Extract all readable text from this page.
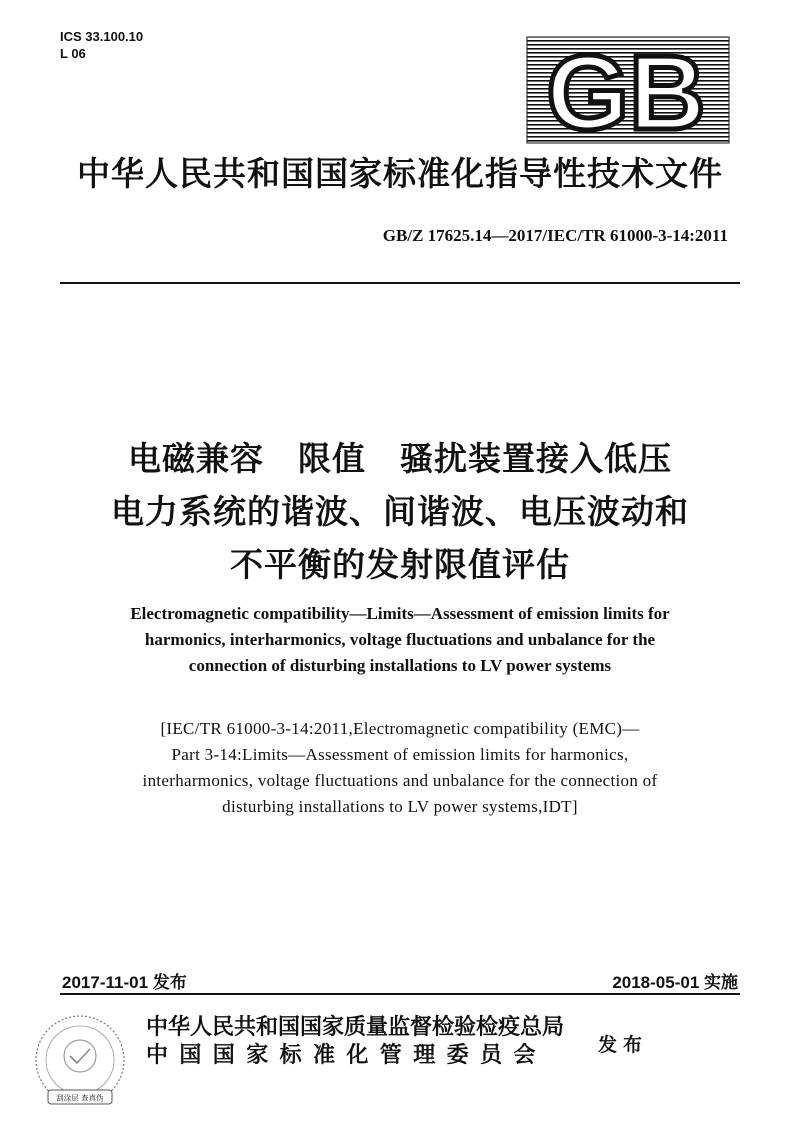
ICS 33.100.10
L 06	GB
中华人民共和国国家标准化指导性技术文件
GB/Z 17625.14—2017/IEC/TR 61000-3-14:2011
电磁兼容　限值　骚扰装置接入低压
电力系统的谐波、间谐波、电压波动和
不平衡的发射限值评估
Electromagnetic compatibility—Limits—Assessment of emission limits for
harmonics, interharmonics, voltage fluctuations and unbalance for the
connection of disturbing installations to LV power systems
[IEC/TR 61000-3-14:2011,Electromagnetic compatibility (EMC)—
Part 3-14:Limits—Assessment of emission limits for harmonics,
interharmonics, voltage fluctuations and unbalance for the connection of
disturbing installations to LV power systems,IDT]
2017-11-01 发布	2018-05-01 实施
刮涂层 查真伪
中华人民共和国国家质量监督检验检疫总局
中国国家标准化管理委员会	发布
